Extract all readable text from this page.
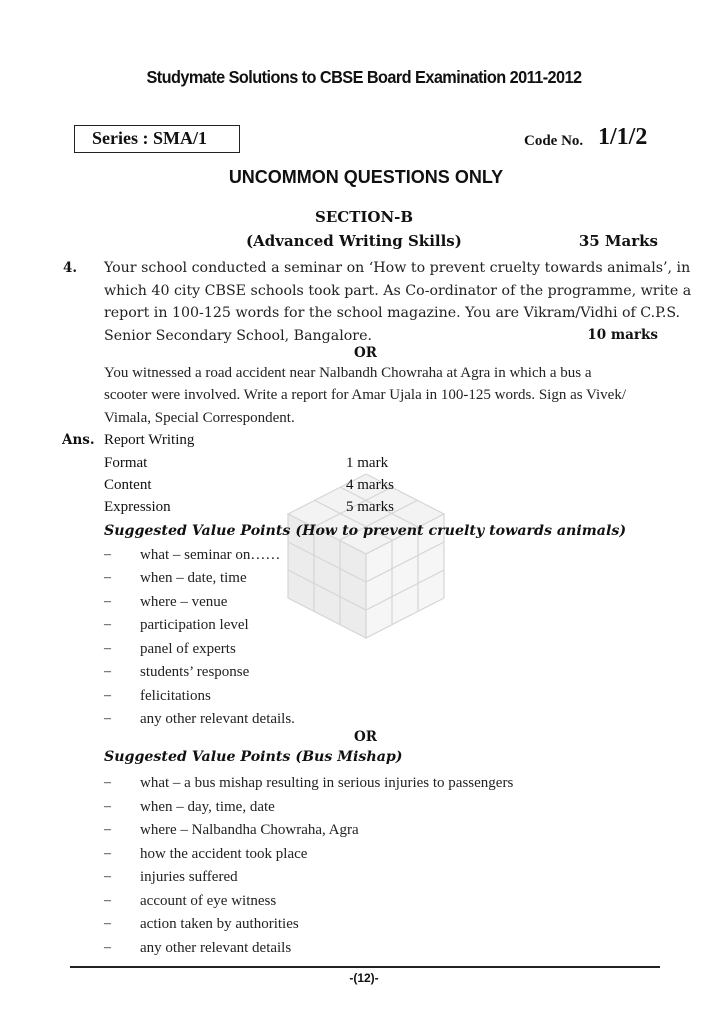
Studymate Solutions to CBSE Board Examination 2011-2012
Series : SMA/1	Code No. 1/1/2
UNCOMMON QUESTIONS ONLY
SECTION-B
(Advanced Writing Skills)	35 Marks
4. Your school conducted a seminar on ‘How to prevent cruelty towards animals’, in
which 40 city CBSE schools took part. As Co-ordinator of the programme, write a
report in 100-125 words for the school magazine. You are Vikram/Vidhi of C.P.S.
Senior Secondary School, Bangalore.	10 marks
OR
You witnessed a road accident near Nalbandh Chowraha at Agra in which a bus a
scooter were involved. Write a report for Amar Ujala in 100-125 words. Sign as Vivek/
Vimala, Special Correspondent.
Ans. Report Writing
Format	1 mark
Content	4 marks
Expression	5 marks
Suggested Value Points (How to prevent cruelty towards animals)
– what – seminar on……
– when – date, time
– where – venue
– participation level
– panel of experts
– students’ response
– felicitations
– any other relevant details.
OR
Suggested Value Points (Bus Mishap)
– what – a bus mishap resulting in serious injuries to passengers
– when – day, time, date
– where – Nalbandha Chowraha, Agra
– how the accident took place
– injuries suffered
– account of eye witness
– action taken by authorities
– any other relevant details
-(12)-
